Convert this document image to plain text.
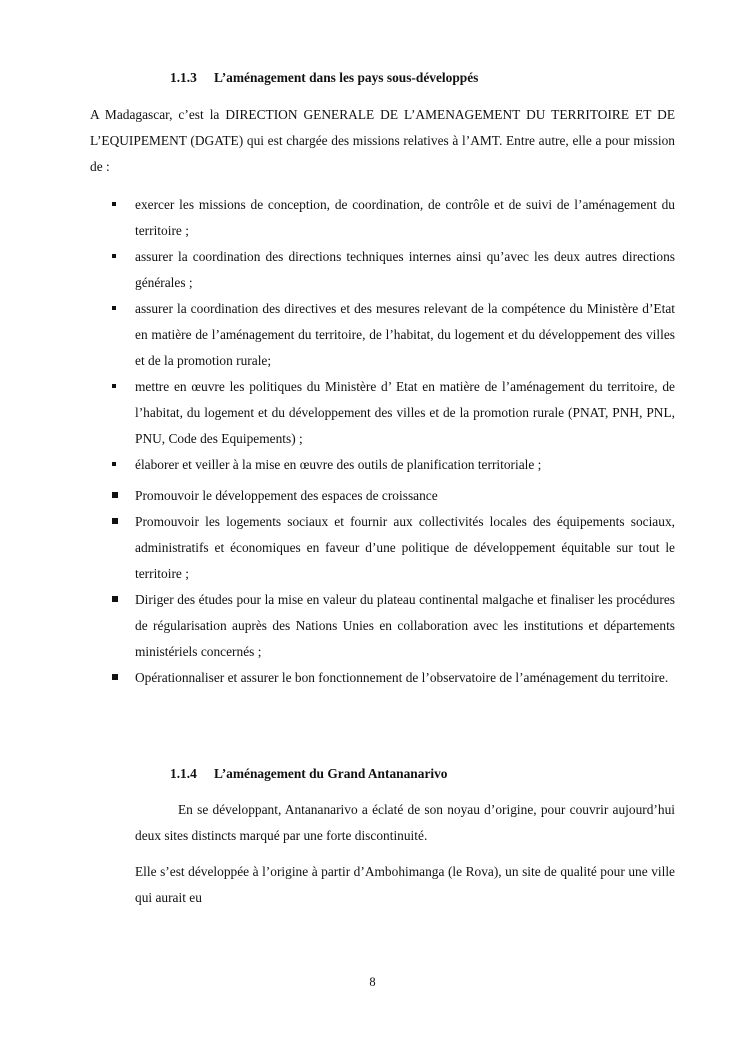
1.1.3 L’aménagement dans les pays sous-développés

A Madagascar, c’est la DIRECTION GENERALE DE L’AMENAGEMENT DU TERRITOIRE ET DE L’EQUIPEMENT (DGATE) qui est chargée des missions relatives à l’AMT. Entre autre, elle a pour mission de :

exercer les missions de conception, de coordination, de contrôle et de suivi de l’aménagement du territoire ;
assurer la coordination des directions techniques internes ainsi qu’avec les deux autres directions générales ;
assurer la coordination des directives et des mesures relevant de la compétence du Ministère d’Etat en matière de l’aménagement du territoire, de l’habitat, du logement et du développement des villes et de la promotion rurale;
mettre en œuvre les politiques du Ministère d’ Etat en matière de l’aménagement du territoire, de l’habitat, du logement et du développement des villes et de la promotion rurale (PNAT, PNH, PNL, PNU, Code des Equipements) ;
élaborer et veiller à la mise en œuvre des outils de planification territoriale ;
Promouvoir le développement des espaces de croissance
Promouvoir les logements sociaux et fournir aux collectivités locales des équipements sociaux, administratifs et économiques en faveur d’une politique de développement équitable sur tout le territoire ;
Diriger des études pour la mise en valeur du plateau continental malgache et finaliser les procédures de régularisation auprès des Nations Unies en collaboration avec les institutions et départements ministériels concernés ;
Opérationnaliser et assurer le bon fonctionnement de l’observatoire de l’aménagement du territoire.
1.1.4 L’aménagement du Grand Antananarivo

En se développant, Antananarivo a éclaté de son noyau d’origine, pour couvrir aujourd’hui deux sites distincts marqué par une forte discontinuité.

Elle s’est développée à l’origine à partir d’Ambohimanga (le Rova), un site de qualité pour une ville qui aurait eu

8
